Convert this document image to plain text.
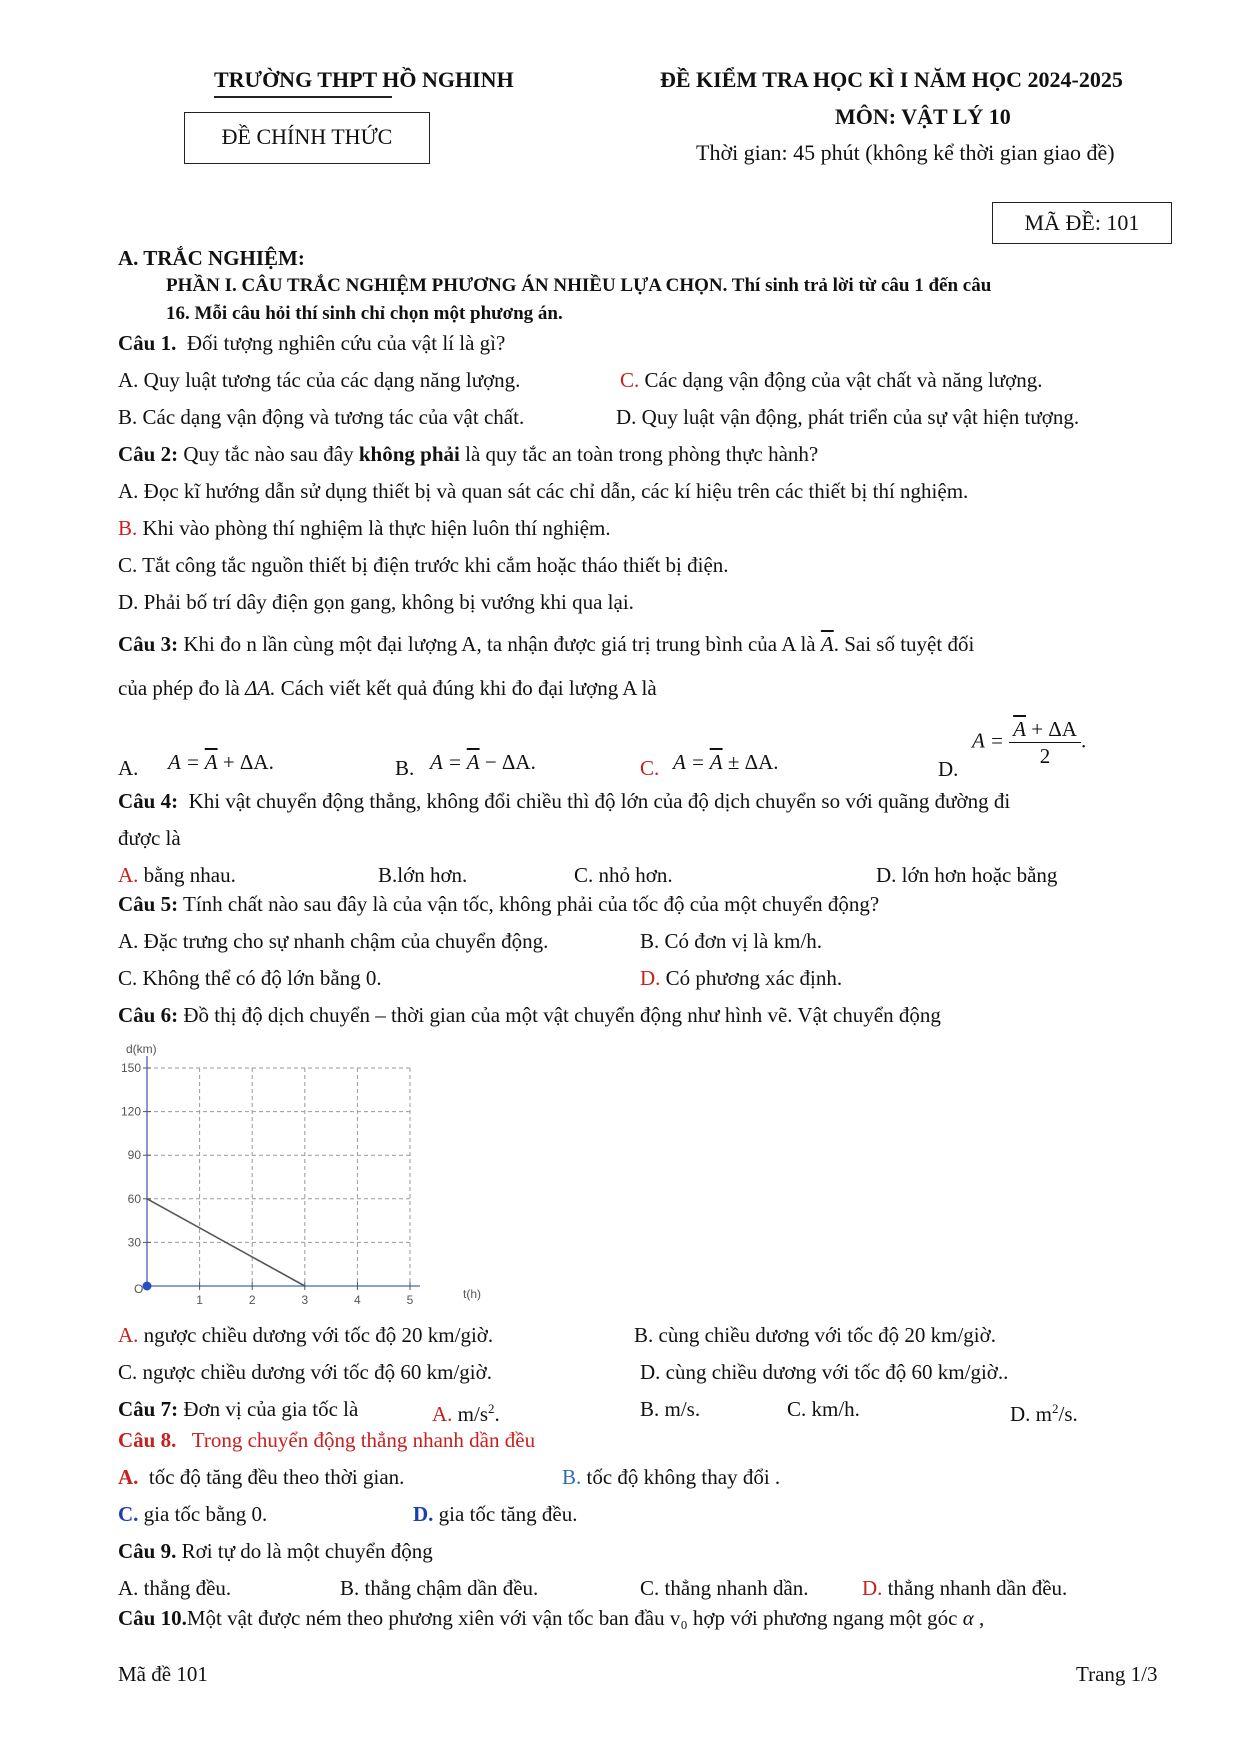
TRƯỜNG THPT HỒ NGHINH	ĐỀ KIỂM TRA HỌC KÌ I NĂM HỌC 2024-2025
ĐỀ CHÍNH THỨC
MÔN: VẬT LÝ 10
Thời gian: 45 phút (không kể thời gian giao đề)
MÃ ĐỀ: 101
A. TRẮC NGHIỆM:
PHẦN I. CÂU TRẮC NGHIỆM PHƯƠNG ÁN NHIỀU LỰA CHỌN. Thí sinh trả lời từ câu 1 đến câu
16. Mỗi câu hỏi thí sinh chỉ chọn một phương án.
Câu 1. Đối tượng nghiên cứu của vật lí là gì?
A. Quy luật tương tác của các dạng năng lượng.	C. Các dạng vận động của vật chất và năng lượng.
B. Các dạng vận động và tương tác của vật chất.	D. Quy luật vận động, phát triển của sự vật hiện tượng.
Câu 2: Quy tắc nào sau đây không phải là quy tắc an toàn trong phòng thực hành?
A. Đọc kĩ hướng dẫn sử dụng thiết bị và quan sát các chỉ dẫn, các kí hiệu trên các thiết bị thí nghiệm.
B. Khi vào phòng thí nghiệm là thực hiện luôn thí nghiệm.
C. Tắt công tắc nguồn thiết bị điện trước khi cắm hoặc tháo thiết bị điện.
D. Phải bố trí dây điện gọn gang, không bị vướng khi qua lại.
Câu 3: Khi đo n lần cùng một đại lượng A, ta nhận được giá trị trung bình của A là $\overline{A}$. Sai số tuyệt đối
của phép đo là ΔA. Cách viết kết quả đúng khi đo đại lượng A là
A. $A = \overline{A} + \Delta A$.	B. $A = \overline{A} - \Delta A$.	C. $A = \overline{A} \pm \Delta A$.	D.
$A = \frac{\overline{A} + \Delta A}{2}$ .
Câu 4: Khi vật chuyển động thẳng, không đổi chiều thì độ lớn của độ dịch chuyển so với quãng đường đi
được là
A. bằng nhau.	B.lớn hơn.	C. nhỏ hơn.	D. lớn hơn hoặc bằng
Câu 5: Tính chất nào sau đây là của vận tốc, không phải của tốc độ của một chuyển động?
A. Đặc trưng cho sự nhanh chậm của chuyển động.	B. Có đơn vị là km/h.
C. Không thể có độ lớn bằng 0.	D. Có phương xác định.
Câu 6: Đồ thị độ dịch chuyển – thời gian của một vật chuyển động như hình vẽ. Vật chuyển động
30
60
90
120
150
1	2	3	4	5
d(km)
t(h)
O
A. ngược chiều dương với tốc độ 20 km/giờ.	B. cùng chiều dương với tốc độ 20 km/giờ.
C. ngược chiều dương với tốc độ 60 km/giờ.	D. cùng chiều dương với tốc độ 60 km/giờ..
Câu 7: Đơn vị của gia tốc là	A. $m/s^2$.	B. m/s.	C. km/h.	D. $m^2/s$.
Câu 8. Trong chuyển động thẳng nhanh dần đều
A. tốc độ tăng đều theo thời gian.	B. tốc độ không thay đổi .
C. gia tốc bằng 0.	D. gia tốc tăng đều.
Câu 9. Rơi tự do là một chuyển động
A. thẳng đều.	B. thẳng chậm dần đều.	C. thẳng nhanh dần.	D. thẳng nhanh dần đều.
Câu 10.Một vật được ném theo phương xiên với vận tốc ban đầu v₀ hợp với phương ngang một góc α ,
Mã đề 101	Trang 1/3
